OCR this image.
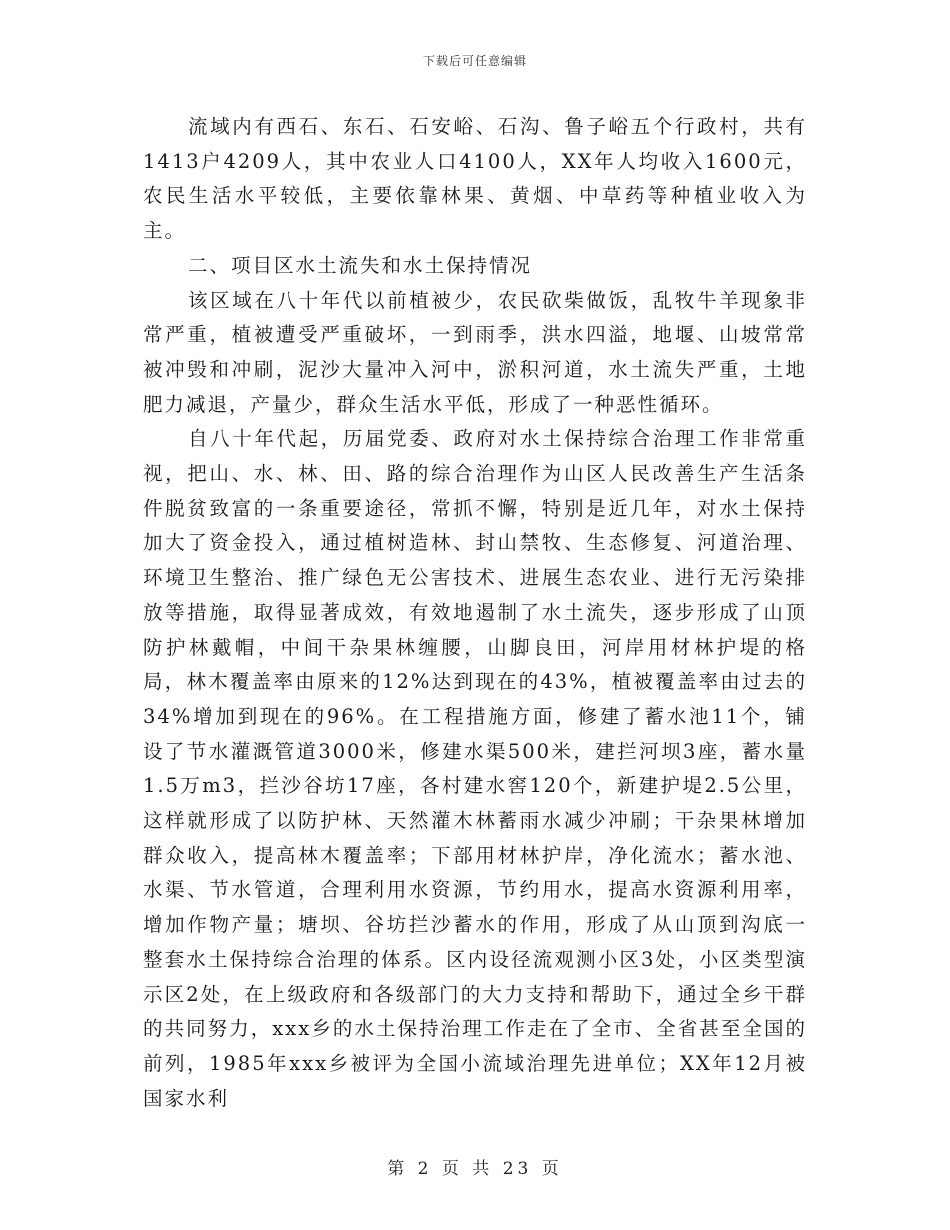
下载后可任意编辑

流域内有西石、东石、石安峪、石沟、鲁子峪五个行政村，共有1413户4209人，其中农业人口4100人，XX年人均收入1600元，农民生活水平较低，主要依靠林果、黄烟、中草药等种植业收入为主。

二、项目区水土流失和水土保持情况

该区域在八十年代以前植被少，农民砍柴做饭，乱牧牛羊现象非常严重，植被遭受严重破坏，一到雨季，洪水四溢，地堰、山坡常常被冲毁和冲刷，泥沙大量冲入河中，淤积河道，水土流失严重，土地肥力减退，产量少，群众生活水平低，形成了一种恶性循环。

自八十年代起，历届党委、政府对水土保持综合治理工作非常重视，把山、水、林、田、路的综合治理作为山区人民改善生产生活条件脱贫致富的一条重要途径，常抓不懈，特别是近几年，对水土保持加大了资金投入，通过植树造林、封山禁牧、生态修复、河道治理、环境卫生整治、推广绿色无公害技术、进展生态农业、进行无污染排放等措施，取得显著成效，有效地遏制了水土流失，逐步形成了山顶防护林戴帽，中间干杂果林缠腰，山脚良田，河岸用材林护堤的格局，林木覆盖率由原来的12%达到现在的43%，植被覆盖率由过去的34%增加到现在的96%。在工程措施方面，修建了蓄水池11个，铺设了节水灌溉管道3000米，修建水渠500米，建拦河坝3座，蓄水量1.5万m3，拦沙谷坊17座，各村建水窖120个，新建护堤2.5公里，这样就形成了以防护林、天然灌木林蓄雨水减少冲刷；干杂果林增加群众收入，提高林木覆盖率；下部用材林护岸，净化流水；蓄水池、水渠、节水管道，合理利用水资源，节约用水，提高水资源利用率，增加作物产量；塘坝、谷坊拦沙蓄水的作用，形成了从山顶到沟底一整套水土保持综合治理的体系。区内设径流观测小区3处，小区类型演示区2处，在上级政府和各级部门的大力支持和帮助下，通过全乡干群的共同努力，xxx乡的水土保持治理工作走在了全市、全省甚至全国的前列，1985年xxx乡被评为全国小流域治理先进单位；XX年12月被国家水利

第 2 页 共 23 页
